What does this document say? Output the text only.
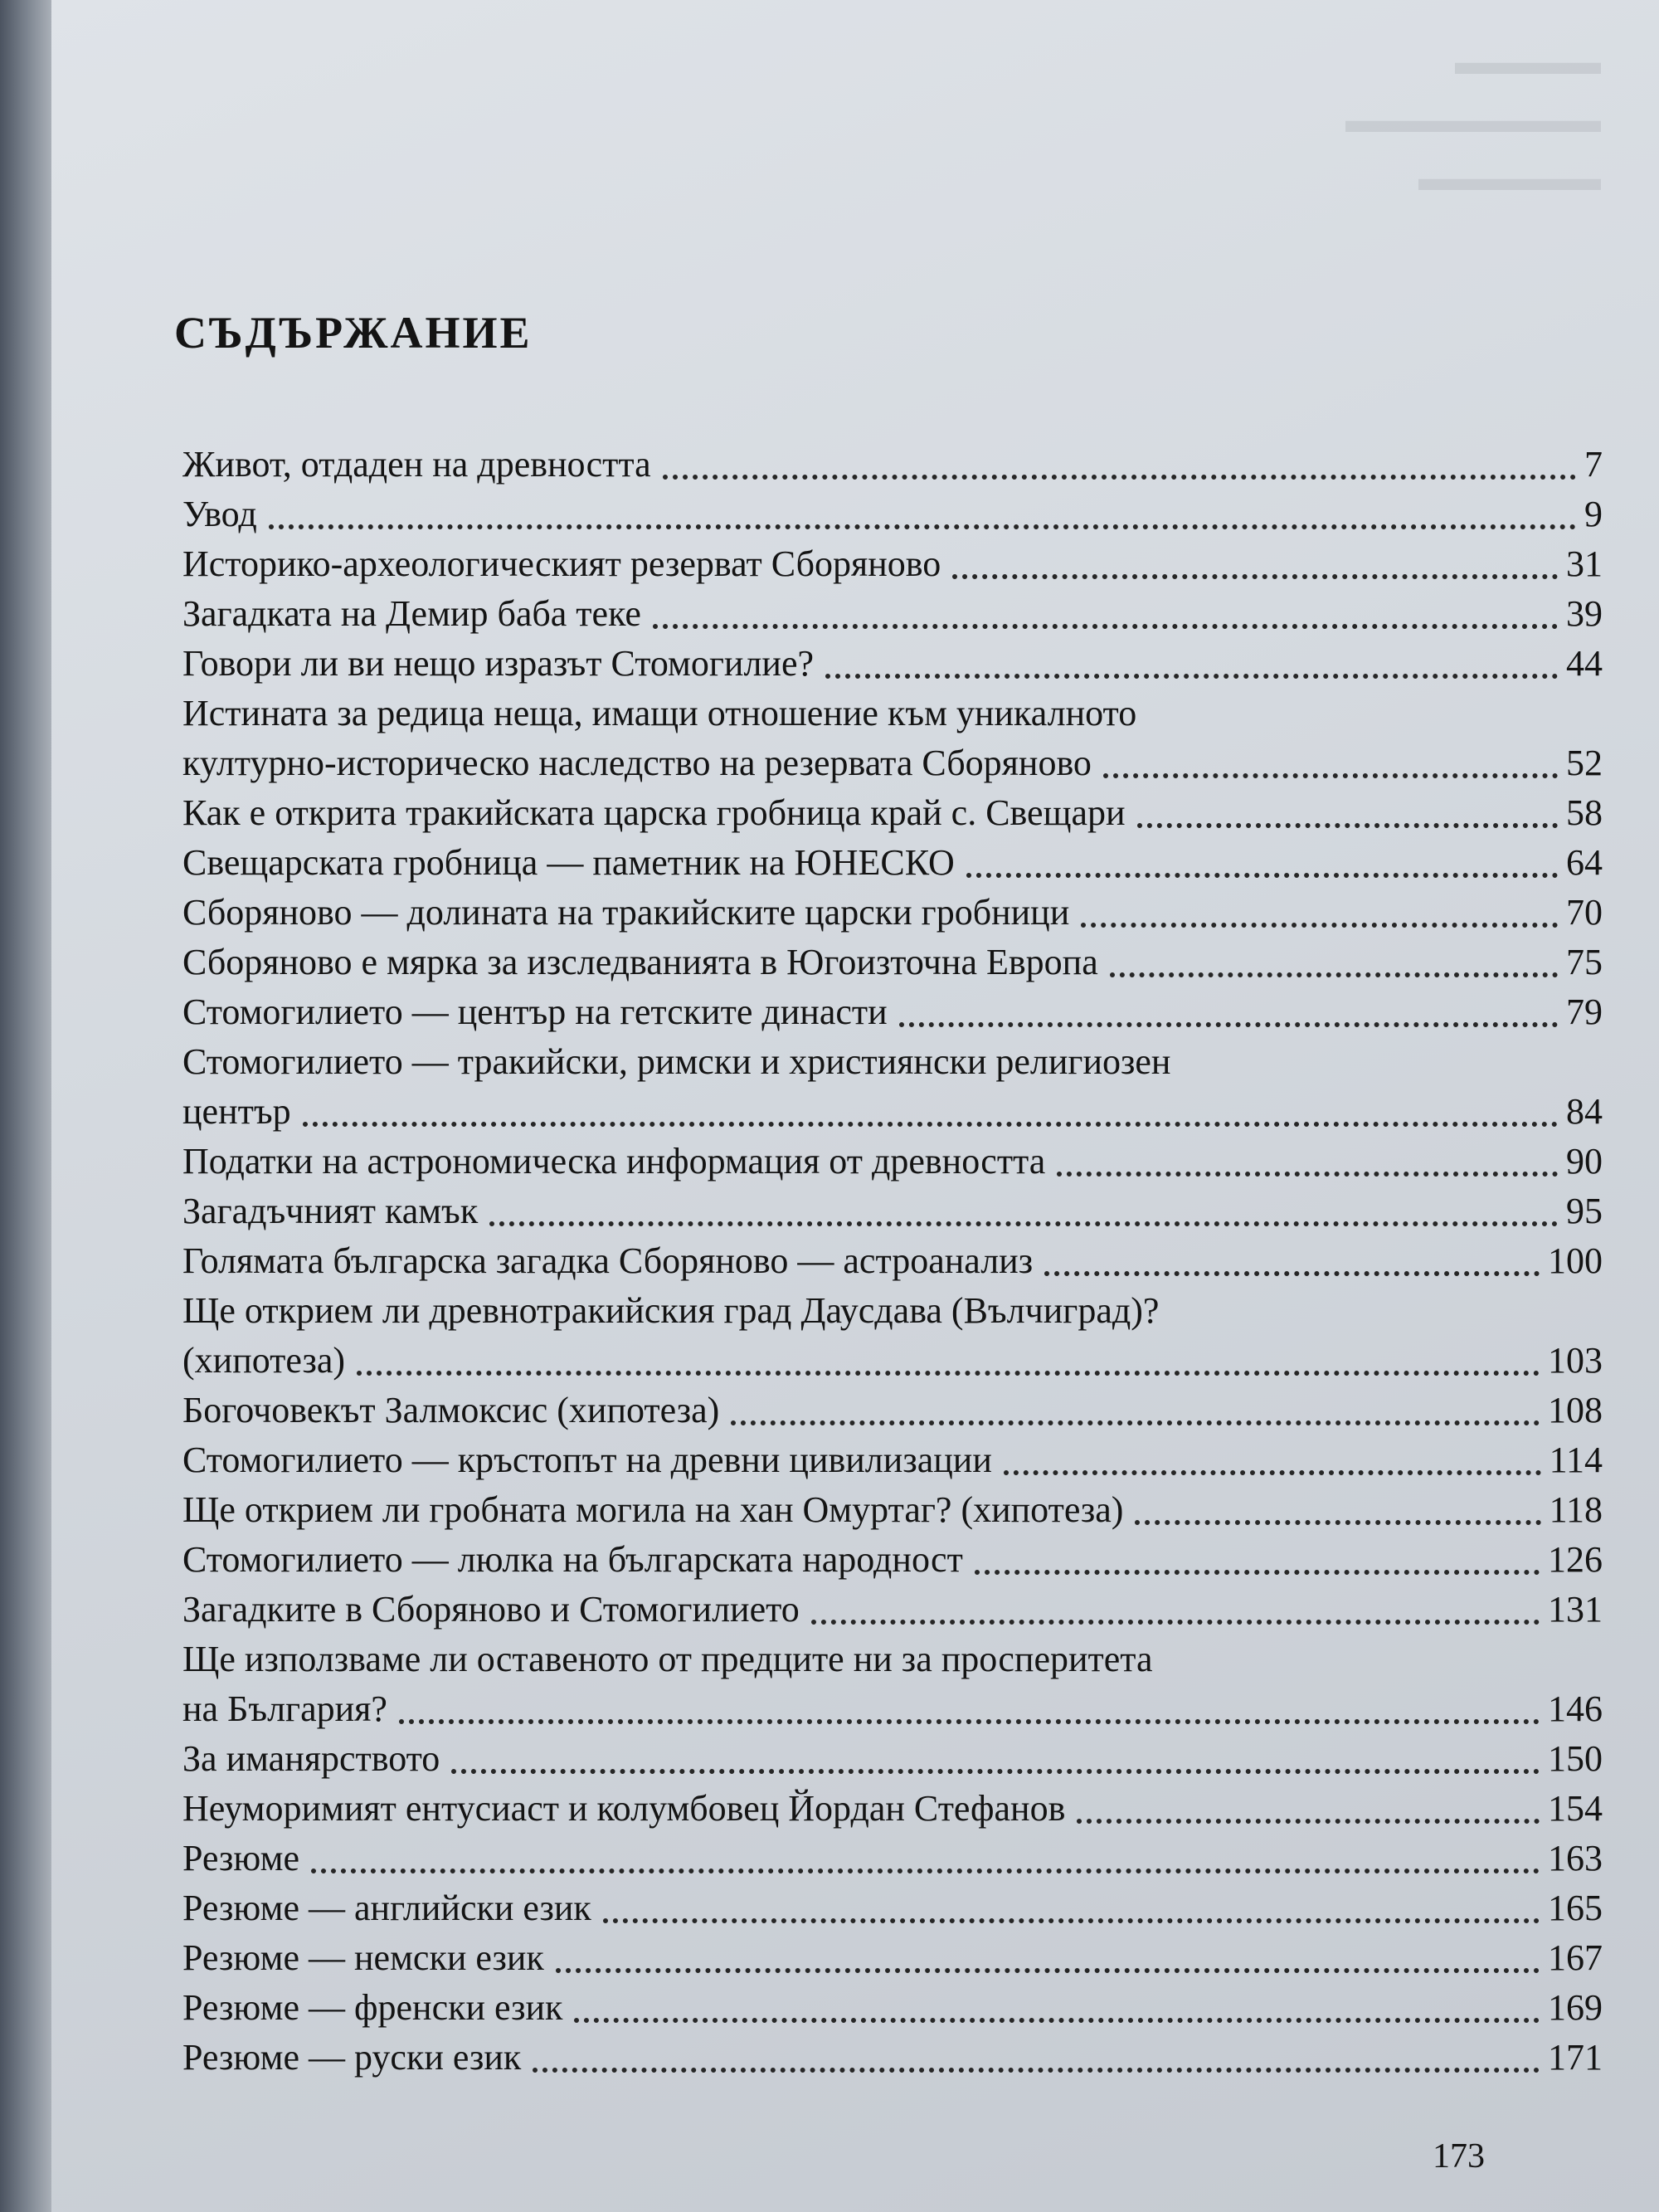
▬▬▬▬
▬▬▬▬▬▬▬
▬▬▬▬▬
СЪДЪРЖАНИЕ
Живот, отдаден на древността	7
Увод	9
Историко-археологическият резерват Сборяново	31
Загадката на Демир баба теке	39
Говори ли ви нещо изразът Стомогилие?	44
Истината за редица неща, имащи отношение към уникалното
културно-историческо наследство на резервата Сборяново	52
Как е открита тракийската царска гробница край с. Свещари	58
Свещарската гробница — паметник на ЮНЕСКО	64
Сборяново — долината на тракийските царски гробници	70
Сборяново е мярка за изследванията в Югоизточна Европа	75
Стомогилието — център на гетските династи	79
Стомогилието — тракийски, римски и християнски религиозен
център	84
Податки на астрономическа информация от древността	90
Загадъчният камък	95
Голямата българска загадка Сборяново — астроанализ	100
Ще открием ли древнотракийския град Даусдава (Вълчиград)?
(хипотеза)	103
Богочовекът Залмоксис (хипотеза)	108
Стомогилието — кръстопът на древни цивилизации	114
Ще открием ли гробната могила на хан Омуртаг? (хипотеза)	118
Стомогилието — люлка на българската народност	126
Загадките в Сборяново и Стомогилието	131
Ще използваме ли оставеното от предците ни за просперитета
на България?	146
За иманярството	150
Неуморимият ентусиаст и колумбовец Йордан Стефанов	154
Резюме	163
Резюме — английски език	165
Резюме — немски език	167
Резюме — френски език	169
Резюме — руски език	171

173
